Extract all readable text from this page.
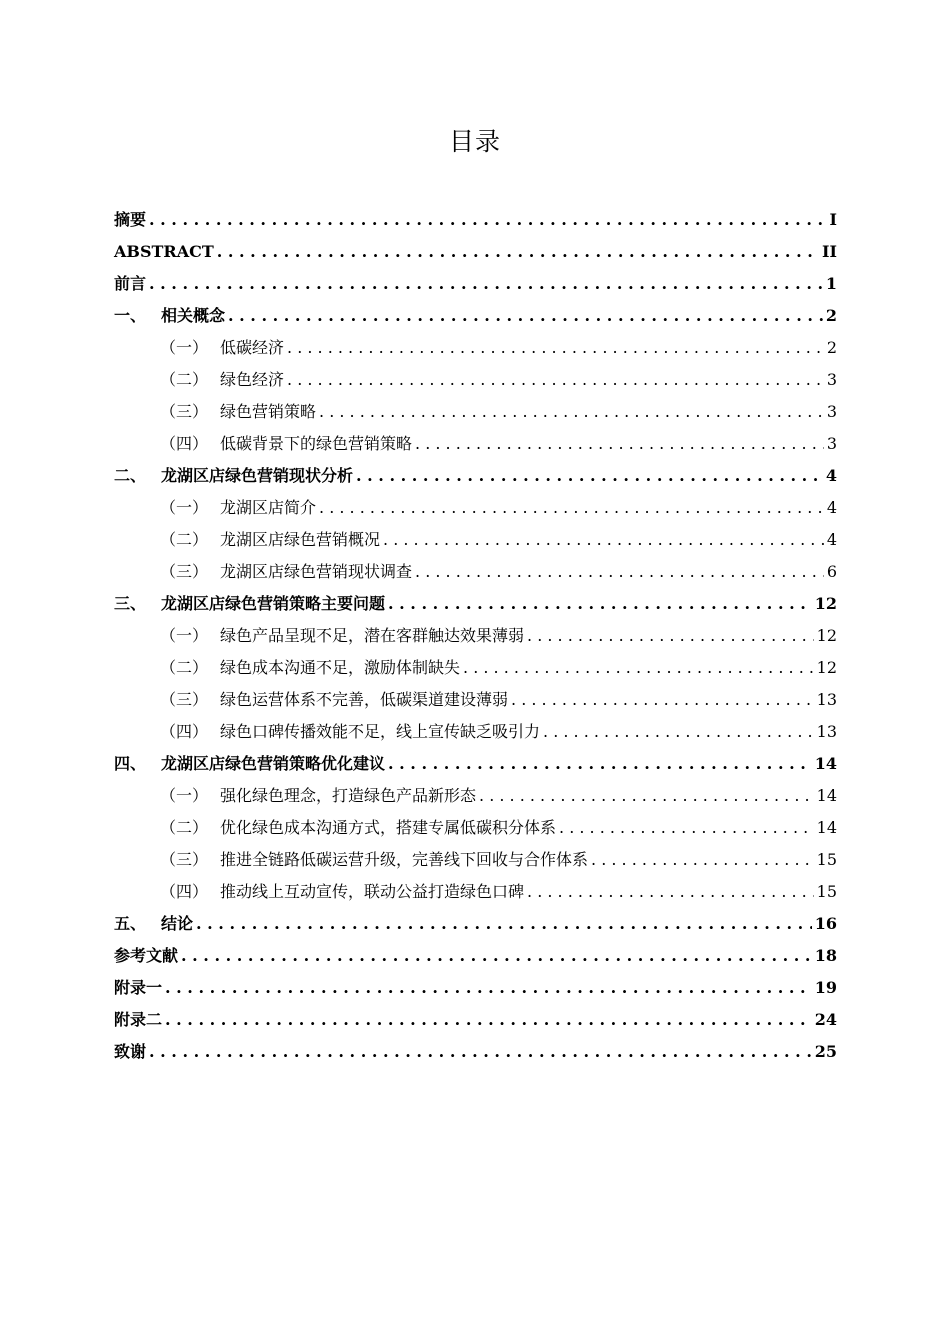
目录
摘要 . . .	I
ABSTRACT . . .	II
前言 . . .	1
一、 相关概念 . . .	2
（一） 低碳经济 . . .	2
（二） 绿色经济 . . .	3
（三） 绿色营销策略 . . .	3
（四） 低碳背景下的绿色营销策略 . . .	3
二、 龙湖区店绿色营销现状分析 . . .	4
（一） 龙湖区店简介 . . .	4
（二） 龙湖区店绿色营销概况 . . .	4
（三） 龙湖区店绿色营销现状调查 . . .	6
三、 龙湖区店绿色营销策略主要问题 . . .	12
（一） 绿色产品呈现不足，潜在客群触达效果薄弱 . . .	12
（二） 绿色成本沟通不足，激励体制缺失 . . .	12
（三） 绿色运营体系不完善，低碳渠道建设薄弱 . . .	13
（四） 绿色口碑传播效能不足，线上宣传缺乏吸引力 . . .	13
四、 龙湖区店绿色营销策略优化建议 . . .	14
（一） 强化绿色理念，打造绿色产品新形态 . . .	14
（二） 优化绿色成本沟通方式，搭建专属低碳积分体系 . . .	14
（三） 推进全链路低碳运营升级，完善线下回收与合作体系 . . .	15
（四） 推动线上互动宣传，联动公益打造绿色口碑 . . .	15
五、 结论 . . .	16
参考文献 . . .	18
附录一 . . .	19
附录二 . . .	24
致谢 . . .	25
